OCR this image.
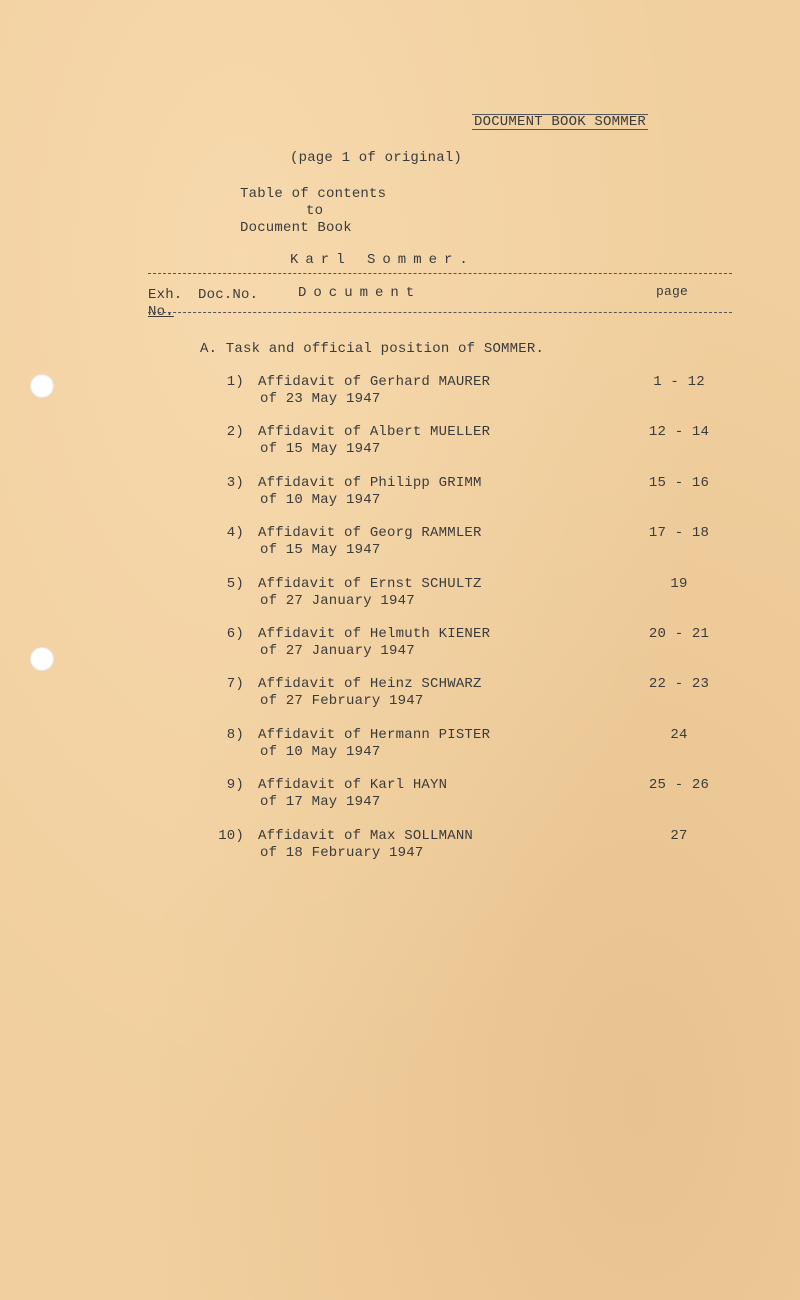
DOCUMENT BOOK SOMMER
(page 1 of original)
Table of contents
to
Document Book
Karl Sommer.
Exh.
No.
Doc.No.	Document	page
A. Task and official position of SOMMER.
1) Affidavit of Gerhard MAURER
of 23 May 1947
1 - 12
2) Affidavit of Albert MUELLER
of 15 May 1947
12 - 14
3) Affidavit of Philipp GRIMM
of 10 May 1947
15 - 16
4) Affidavit of Georg RAMMLER
of 15 May 1947
17 - 18
5) Affidavit of Ernst SCHULTZ
of 27 January 1947
19
6) Affidavit of Helmuth KIENER
of 27 January 1947
20 - 21
7) Affidavit of Heinz SCHWARZ
of 27 February 1947
22 - 23
8) Affidavit of Hermann PISTER
of 10 May 1947
24
9) Affidavit of Karl HAYN
of 17 May 1947
25 - 26
10) Affidavit of Max SOLLMANN
of 18 February 1947
27
